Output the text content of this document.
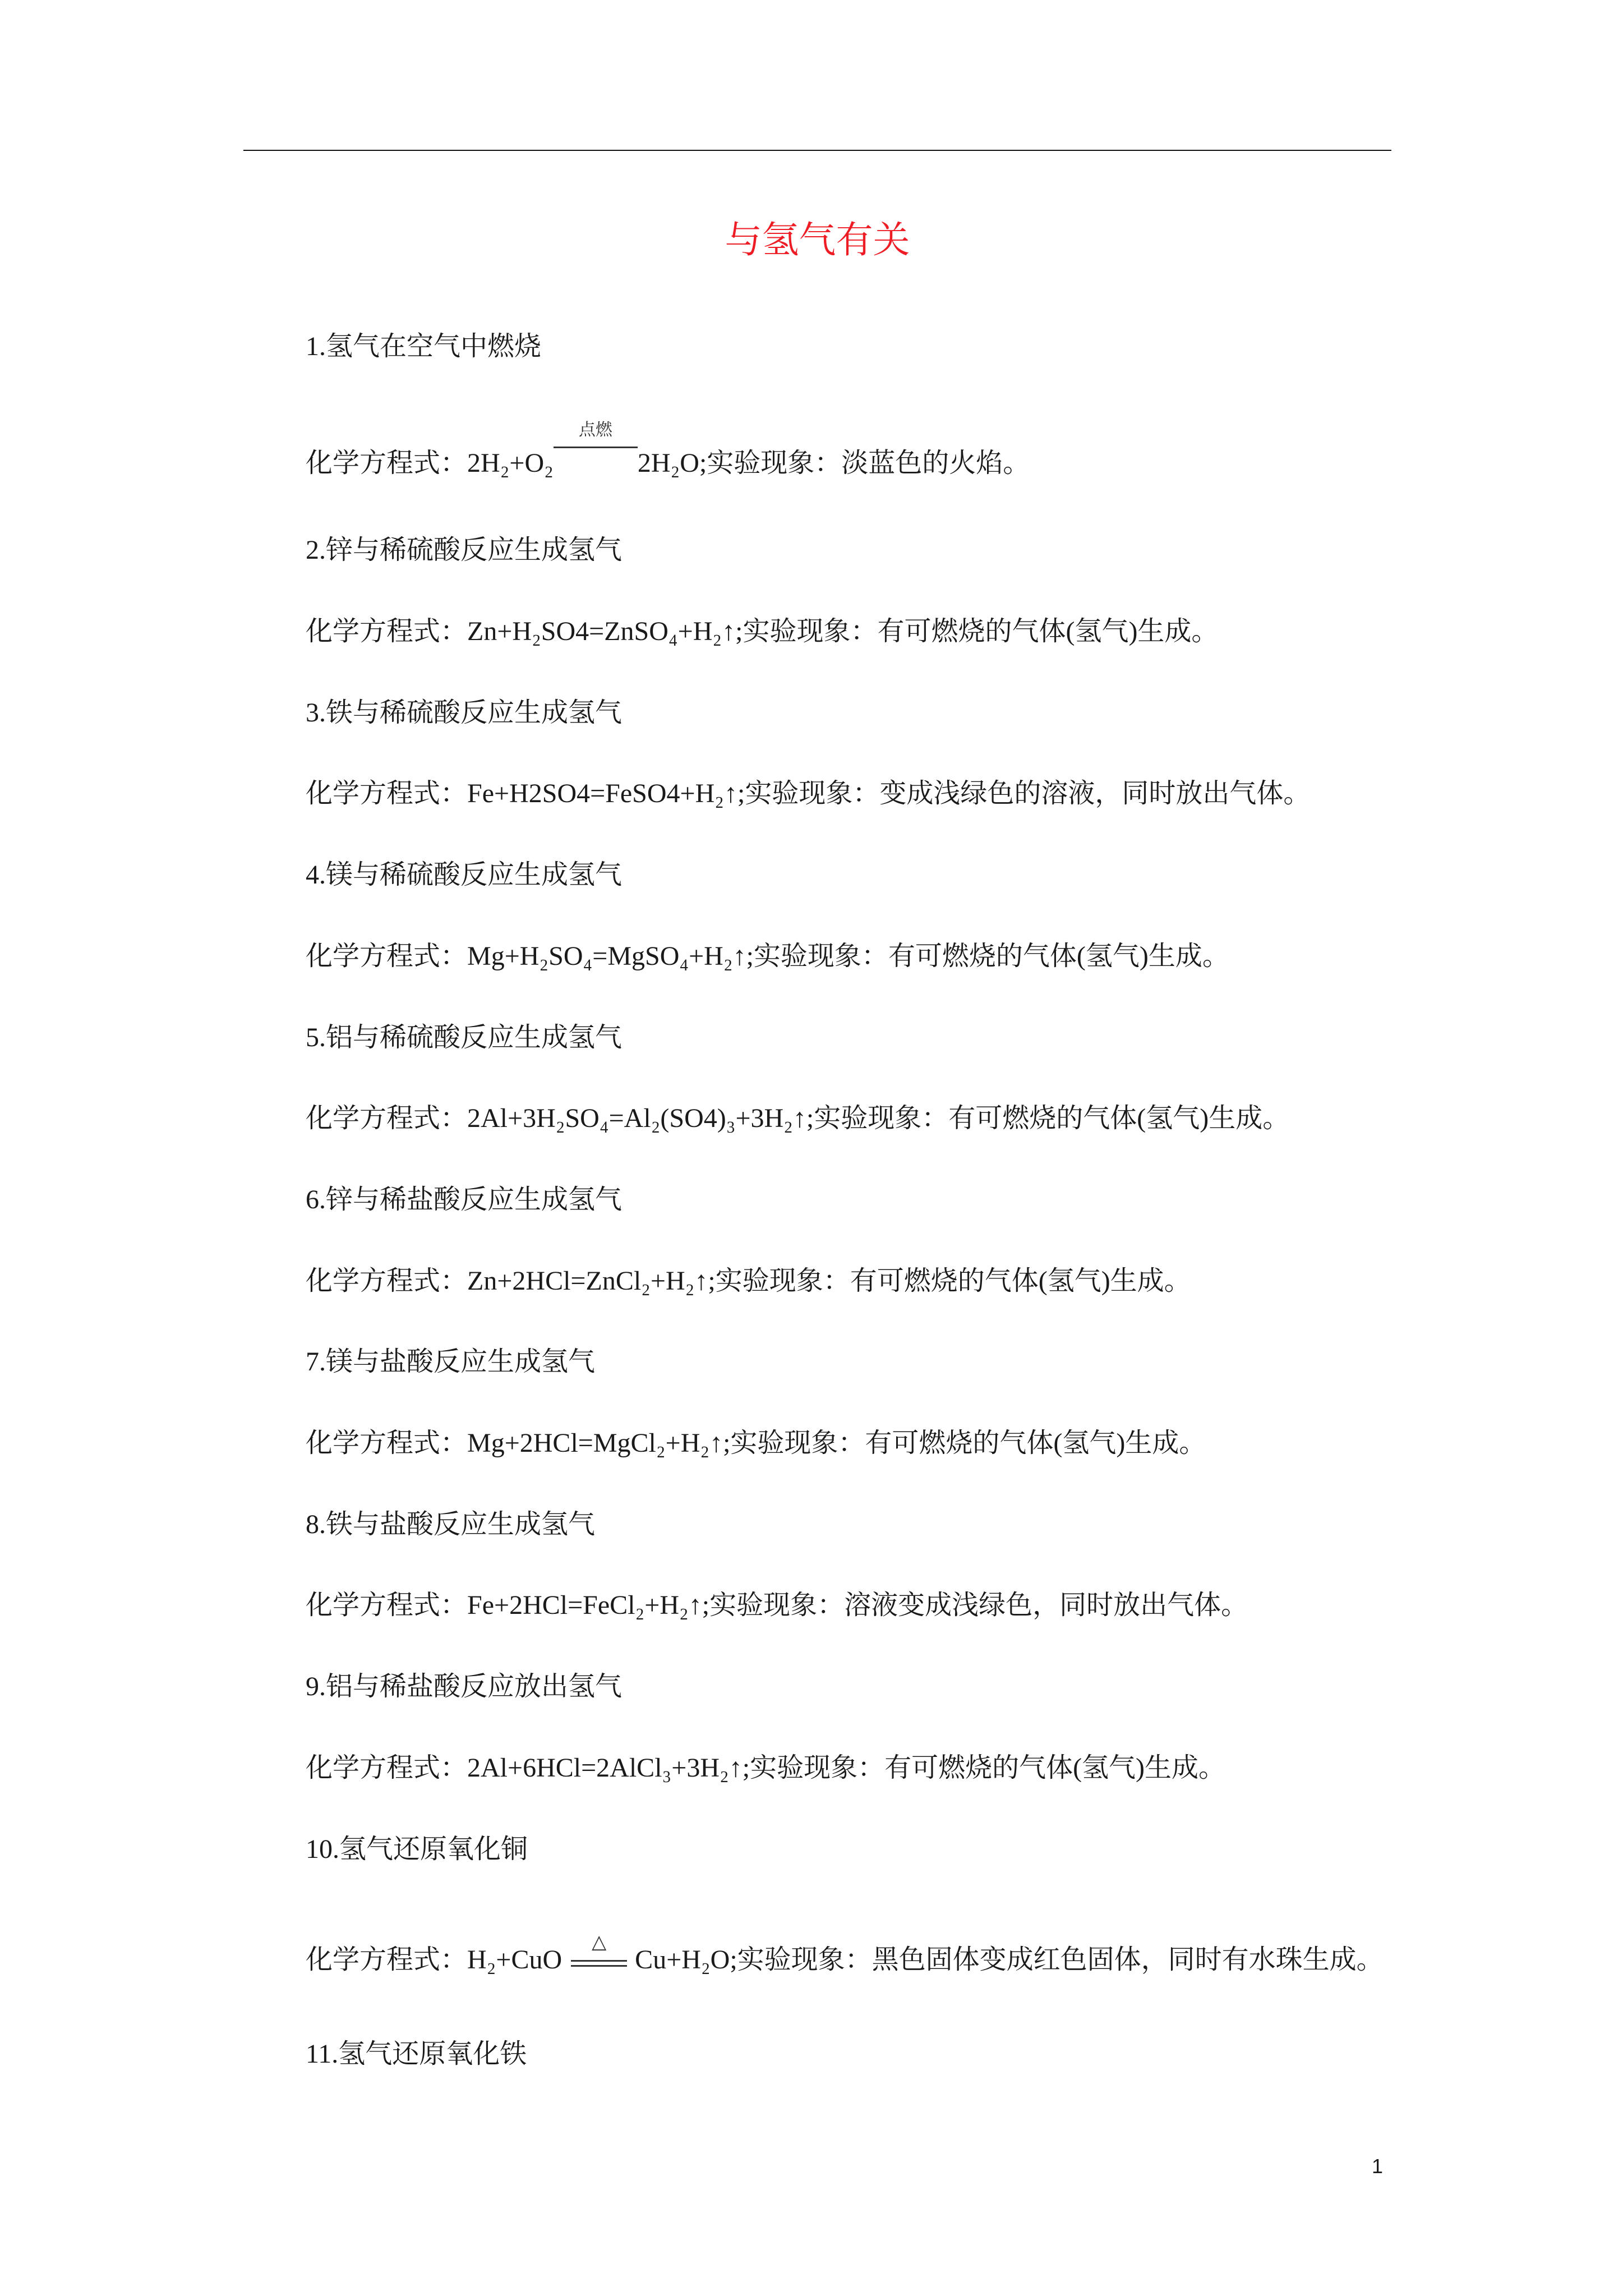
与氢气有关
1.氢气在空气中燃烧
化学方程式：2H₂+O₂
点燃
2H₂O;实验现象：淡蓝色的火焰。
2.锌与稀硫酸反应生成氢气
化学方程式：Zn+H₂SO4=ZnSO₄+H₂↑;实验现象：有可燃烧的气体(氢气)生成。
3.铁与稀硫酸反应生成氢气
化学方程式：Fe+H2SO4=FeSO4+H₂↑;实验现象：变成浅绿色的溶液，同时放出气体。
4.镁与稀硫酸反应生成氢气
化学方程式：Mg+H₂SO₄=MgSO₄+H₂↑;实验现象：有可燃烧的气体(氢气)生成。
5.铝与稀硫酸反应生成氢气
化学方程式：2Al+3H₂SO₄=Al₂(SO4)₃+3H₂↑;实验现象：有可燃烧的气体(氢气)生成。
6.锌与稀盐酸反应生成氢气
化学方程式：Zn+2HCl=ZnCl₂+H₂↑;实验现象：有可燃烧的气体(氢气)生成。
7.镁与盐酸反应生成氢气
化学方程式：Mg+2HCl=MgCl₂+H₂↑;实验现象：有可燃烧的气体(氢气)生成。
8.铁与盐酸反应生成氢气
化学方程式：Fe+2HCl=FeCl₂+H₂↑;实验现象：溶液变成浅绿色，同时放出气体。
9.铝与稀盐酸反应放出氢气
化学方程式：2Al+6HCl=2AlCl₃+3H₂↑;实验现象：有可燃烧的气体(氢气)生成。
10.氢气还原氧化铜
化学方程式：H₂+CuO
△
Cu+H₂O;实验现象：黑色固体变成红色固体，同时有水珠生成。
11.氢气还原氧化铁
1
